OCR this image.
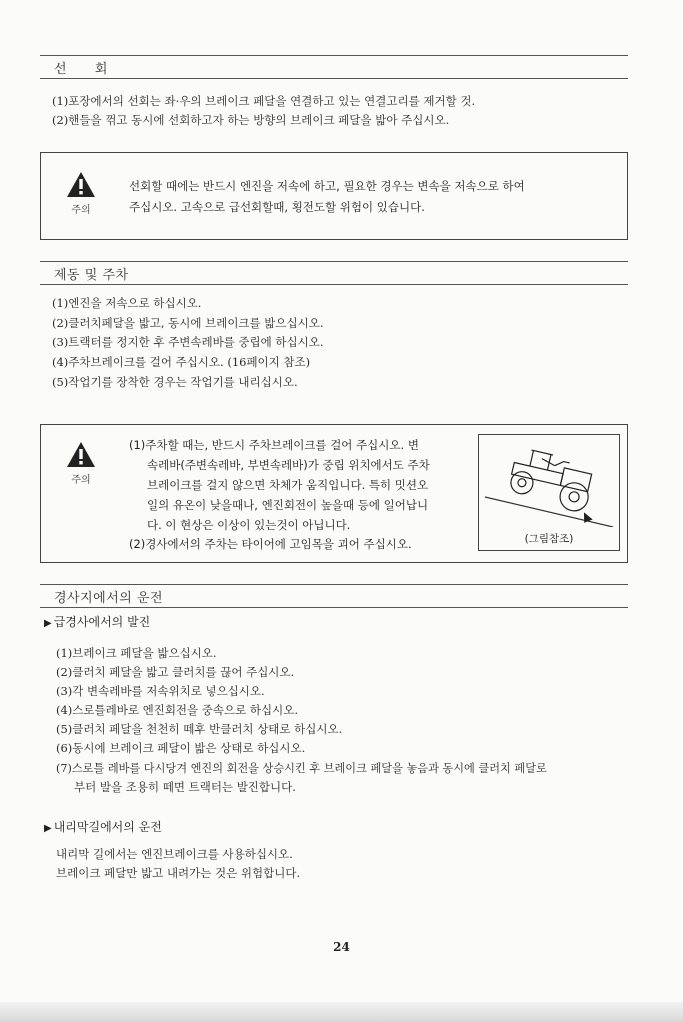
선      회
(1)포장에서의 선회는 좌·우의 브레이크 페달을 연결하고 있는 연결고리를 제거할 것.
(2)핸들을 꺾고 동시에 선회하고자 하는 방향의 브레이크 페달을 밟아 주십시오.
주의
선회할 때에는 반드시 엔진을 저속에 하고, 필요한 경우는 변속을 저속으로 하여
주십시오. 고속으로 급선회할때, 횡전도할 위험이 있습니다.
제동 및 주차
(1)엔진을 저속으로 하십시오.
(2)클러치페달을 밟고, 동시에 브레이크를 밟으십시오.
(3)트랙터를 정지한 후 주변속레바를 중립에 하십시오.
(4)주차브레이크를 걸어 주십시오. (16페이지 참조)
(5)작업기를 장착한 경우는 작업기를 내리십시오.
주의
(1)주차할 때는, 반드시 주차브레이크를 걸어 주십시오. 변
속레바(주변속레바, 부변속레바)가 중립 위치에서도 주차
브레이크를 걸지 않으면 차체가 움직입니다. 특히 밋션오
일의 유온이 낮을때나, 엔진회전이 높을때 등에 일어납니
다. 이 현상은 이상이 있는것이 아닙니다.
(2)경사에서의 주차는 타이어에 고임목을 괴어 주십시오.	(그림참조)
경사지에서의 운전
▶ 급경사에서의 발진
(1)브레이크 페달을 밟으십시오.
(2)클러치 페달을 밟고 클러치를 끊어 주십시오.
(3)각 변속레바를 저속위치로 넣으십시오.
(4)스로틀레바로 엔진회전을 중속으로 하십시오.
(5)클러치 페달을 천천히 떼후 반클러치 상태로 하십시오.
(6)동시에 브레이크 페달이 밟은 상태로 하십시오.
(7)스로틀 레바를 다시당겨 엔진의 회전을 상승시킨 후 브레이크 페달을 놓음과 동시에 클러치 페달로
부터 발을 조용히 떼면 트랙터는 발진합니다.
▶ 내리막길에서의 운전
내리막 길에서는 엔진브레이크를 사용하십시오.
브레이크 페달만 밟고 내려가는 것은 위험합니다.
24
